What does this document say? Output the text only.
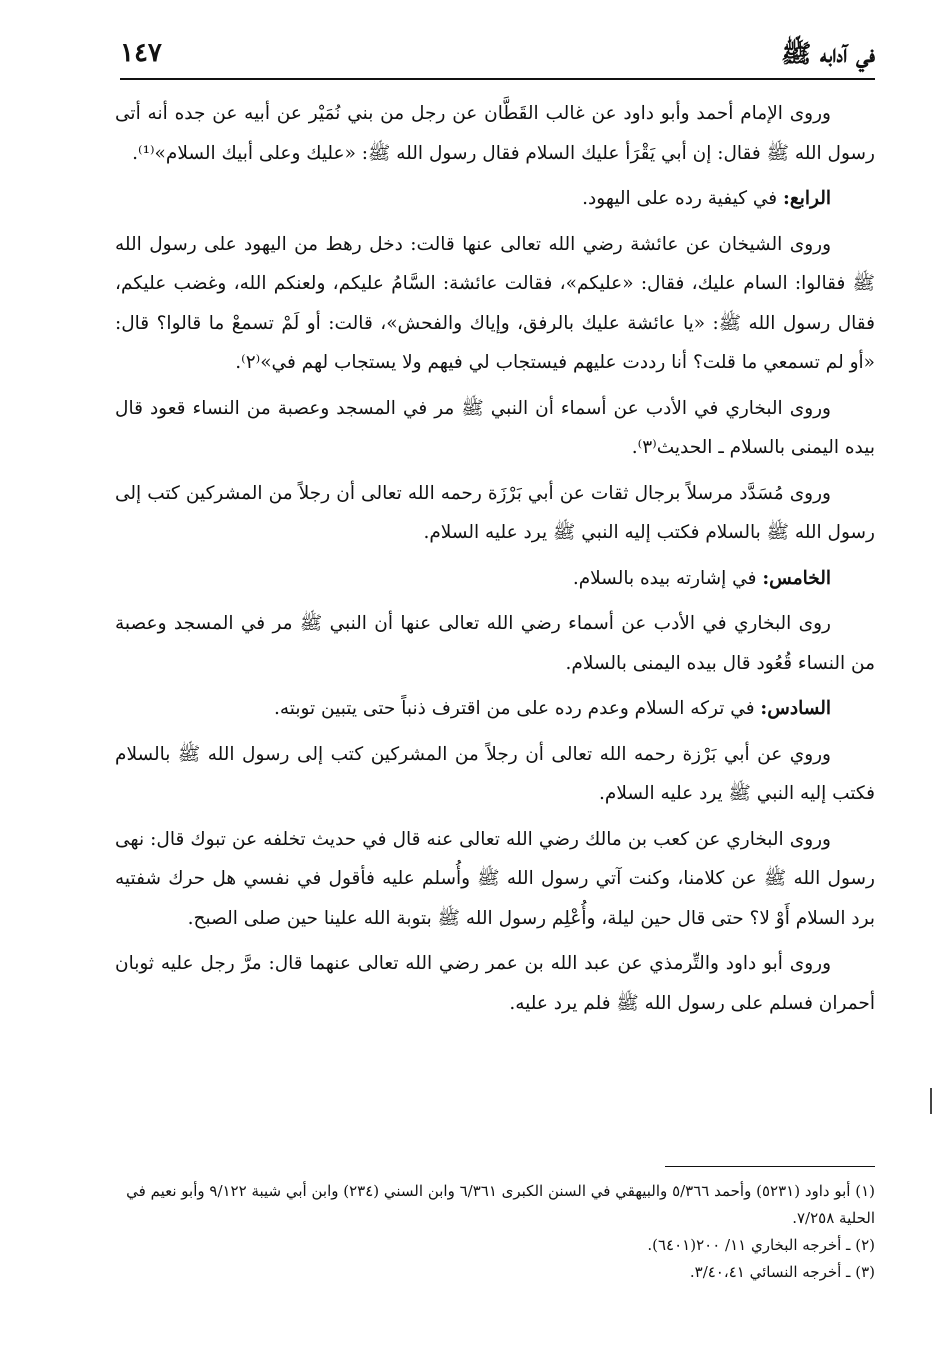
في آدابه ﷺ
١٤٧

وروى الإمام أحمد وأبو داود عن غالب القَطَّان عن رجل من بني نُمَيْر عن أبيه عن جده أنه أتى رسول الله ﷺ فقال: إن أبي يَقْرَأ عليك السلام فقال رسول الله ﷺ: «عليك وعلى أبيك السلام»⁽¹⁾.

الرابع: في كيفية رده على اليهود.

وروى الشيخان عن عائشة رضي الله تعالى عنها قالت: دخل رهط من اليهود على رسول الله ﷺ فقالوا: السام عليك، فقال: «عليكم»، فقالت عائشة: السَّامُ عليكم، ولعنكم الله، وغضب عليكم، فقال رسول الله ﷺ: «يا عائشة عليك بالرفق، وإياك والفحش»، قالت: أو لَمْ تسمعْ ما قالوا؟ قال: «أو لم تسمعي ما قلت؟ أنا رددت عليهم فيستجاب لي فيهم ولا يستجاب لهم في»⁽٢⁾.

وروى البخاري في الأدب عن أسماء أن النبي ﷺ مر في المسجد وعصبة من النساء قعود قال بيده اليمنى بالسلام ـ الحديث⁽٣⁾.

وروى مُسَدَّد مرسلاً برجال ثقات عن أبي بَرْزَة رحمه الله تعالى أن رجلاً من المشركين كتب إلى رسول الله ﷺ بالسلام فكتب إليه النبي ﷺ يرد عليه السلام.

الخامس: في إشارته بيده بالسلام.

روى البخاري في الأدب عن أسماء رضي الله تعالى عنها أن النبي ﷺ مر في المسجد وعصبة من النساء قُعُود قال بيده اليمنى بالسلام.

السادس: في تركه السلام وعدم رده على من اقترف ذنباً حتى يتبين توبته.

وروي عن أبي بَرْزة رحمه الله تعالى أن رجلاً من المشركين كتب إلى رسول الله ﷺ بالسلام فكتب إليه النبي ﷺ يرد عليه السلام.

وروى البخاري عن كعب بن مالك رضي الله تعالى عنه قال في حديث تخلفه عن تبوك قال: نهى رسول الله ﷺ عن كلامنا، وكنت آتي رسول الله ﷺ وأُسلم عليه فأقول في نفسي هل حرك شفتيه برد السلام أَوْ لا؟ حتى قال حين ليلة، وأُعْلِم رسول الله ﷺ بتوبة الله علينا حين صلى الصبح.

وروى أبو داود والتِّرمذي عن عبد الله بن عمر رضي الله تعالى عنهما قال: مرَّ رجل عليه ثوبان أحمران فسلم على رسول الله ﷺ فلم يرد عليه.

(١) أبو داود (٥٢٣١) وأحمد ٥/٣٦٦ والبيهقي في السنن الكبرى ٦/٣٦١ وابن السني (٢٣٤) وابن أبي شيبة ٩/١٢٢ وأبو نعيم في الحلية ٧/٢٥٨.

(٢) ـ أخرجه البخاري ١١/ ٢٠٠(٦٤٠١).

(٣) ـ أخرجه النسائي ٣/٤٠،٤١.
